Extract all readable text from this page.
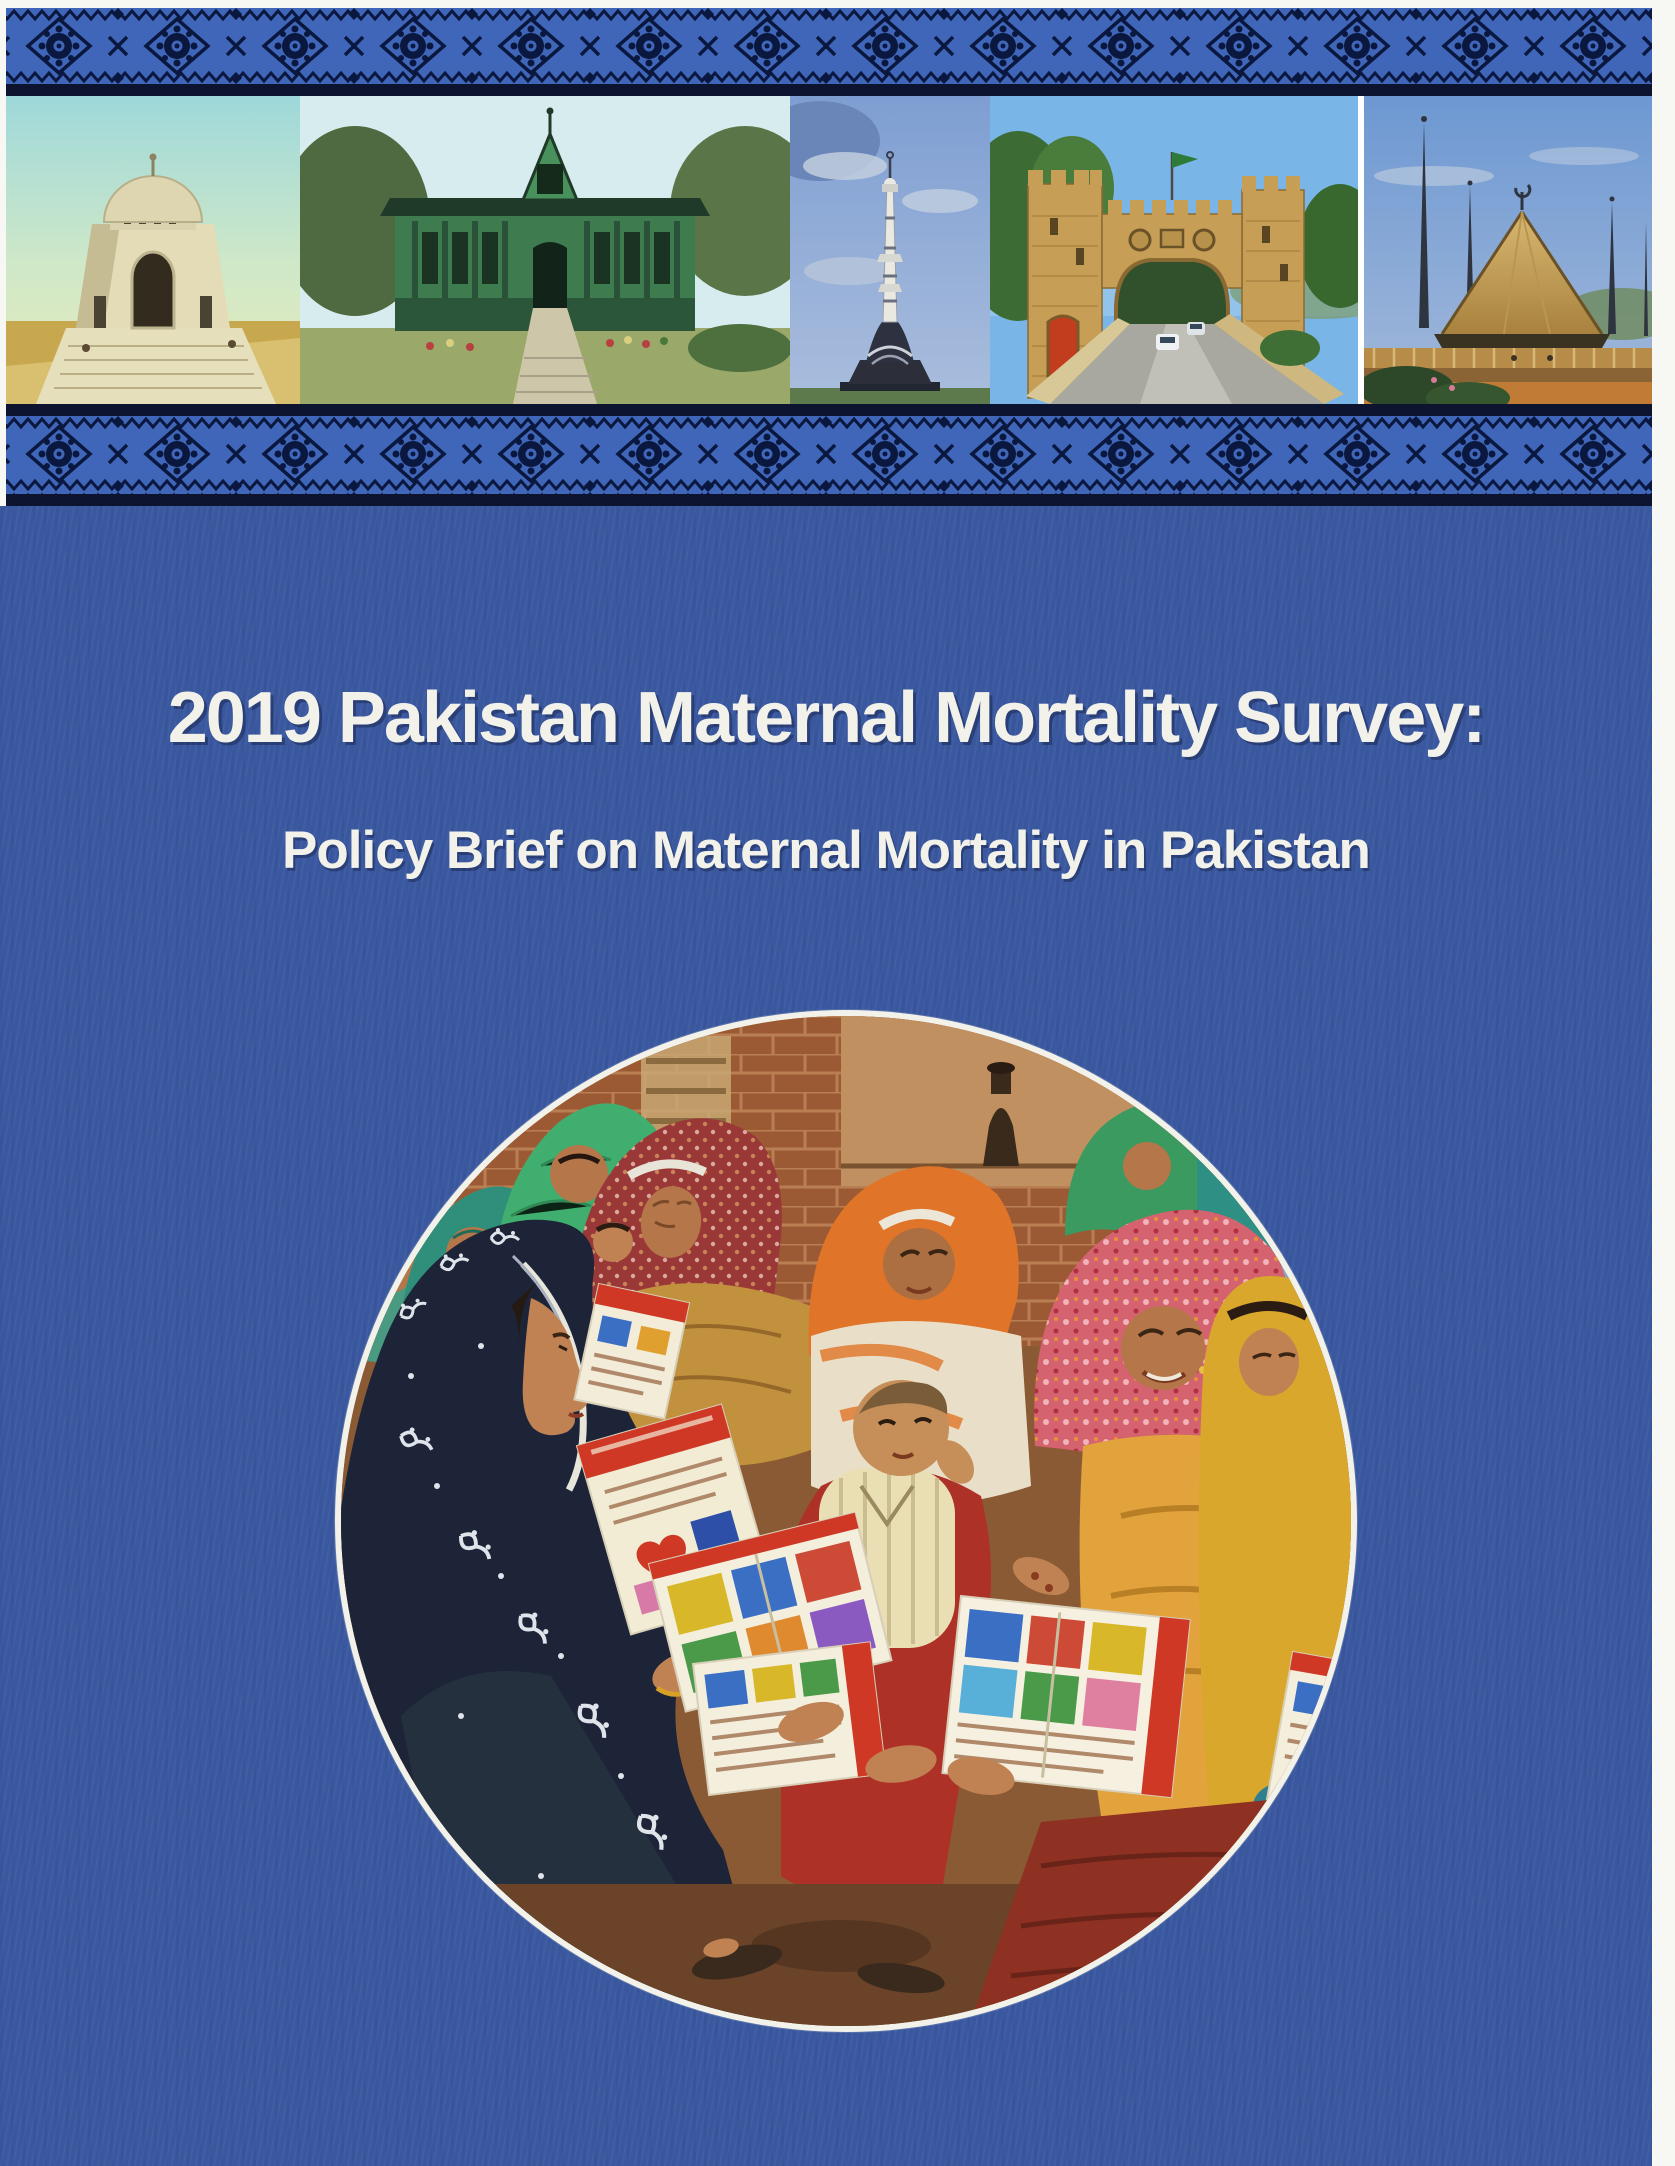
2019 Pakistan Maternal Mortality Survey:
Policy Brief on Maternal Mortality in Pakistan
